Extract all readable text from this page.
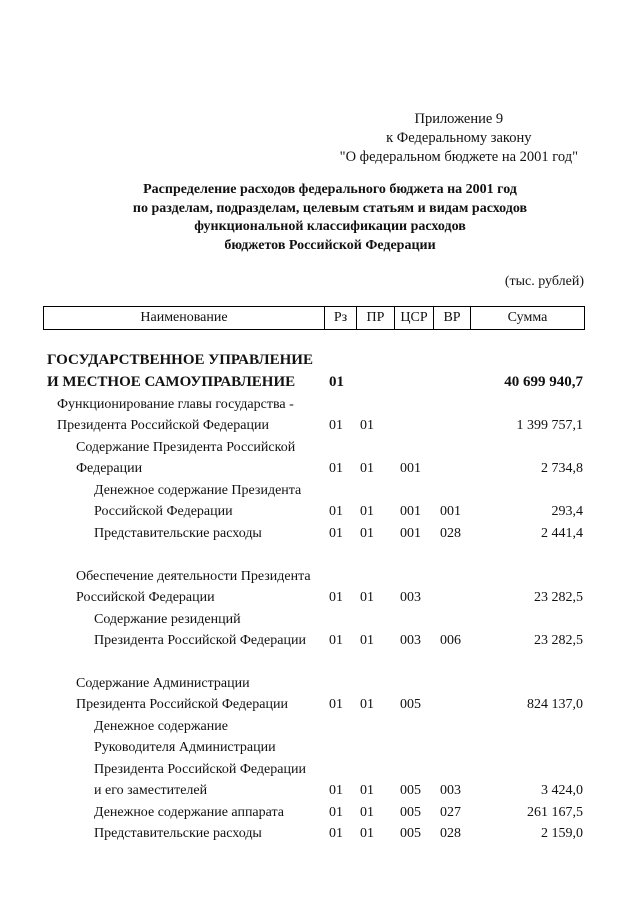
Приложение 9
к Федеральному закону
"О федеральном бюджете на 2001 год"
Распределение расходов федерального бюджета на 2001 год
по разделам, подразделам, целевым статьям и видам расходов
функциональной классификации расходов
бюджетов Российской Федерации
(тыс. рублей)
Наименование	Рз	ПР	ЦСР	ВР	Сумма
ГОСУДАРСТВЕННОЕ УПРАВЛЕНИЕ
И МЕСТНОЕ САМОУПРАВЛЕНИЕ 01	40 699 940,7
Функционирование главы государства -
Президента Российской Федерации	01 01	1 399 757,1
Содержание Президента Российской
Федерации	01 01 001	2 734,8
Денежное содержание Президента
Российской Федерации	01 01 001 001	293,4
Представительские расходы	01 01 001 028	2 441,4
Обеспечение деятельности Президента
Российской Федерации	01 01 003	23 282,5
Содержание резиденций
Президента Российской Федерации 01 01 003 006	23 282,5
Содержание Администрации
Президента Российской Федерации	01 01 005	824 137,0
Денежное содержание
Руководителя Администрации
Президента Российской Федерации
и его заместителей	01 01 005 003	3 424,0
Денежное содержание аппарата	01 01 005 027	261 167,5
Представительские расходы	01 01 005 028	2 159,0
